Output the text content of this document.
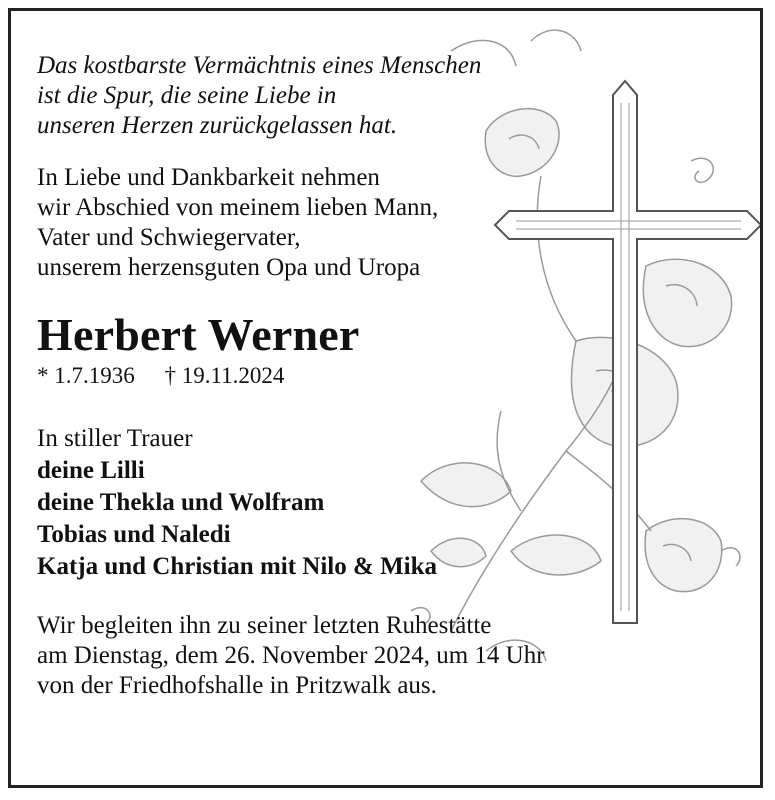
Das kostbarste Vermächtnis eines Menschen
ist die Spur, die seine Liebe in
unseren Herzen zurückgelassen hat.

In Liebe und Dankbarkeit nehmen
wir Abschied von meinem lieben Mann,
Vater und Schwiegervater,
unserem herzensguten Opa und Uropa

Herbert Werner

* 1.7.1936 † 19.11.2024

In stiller Trauer
deine Lilli
deine Thekla und Wolfram
Tobias und Naledi
Katja und Christian mit Nilo & Mika

Wir begleiten ihn zu seiner letzten Ruhestätte
am Dienstag, dem 26. November 2024, um 14 Uhr
von der Friedhofshalle in Pritzwalk aus.
